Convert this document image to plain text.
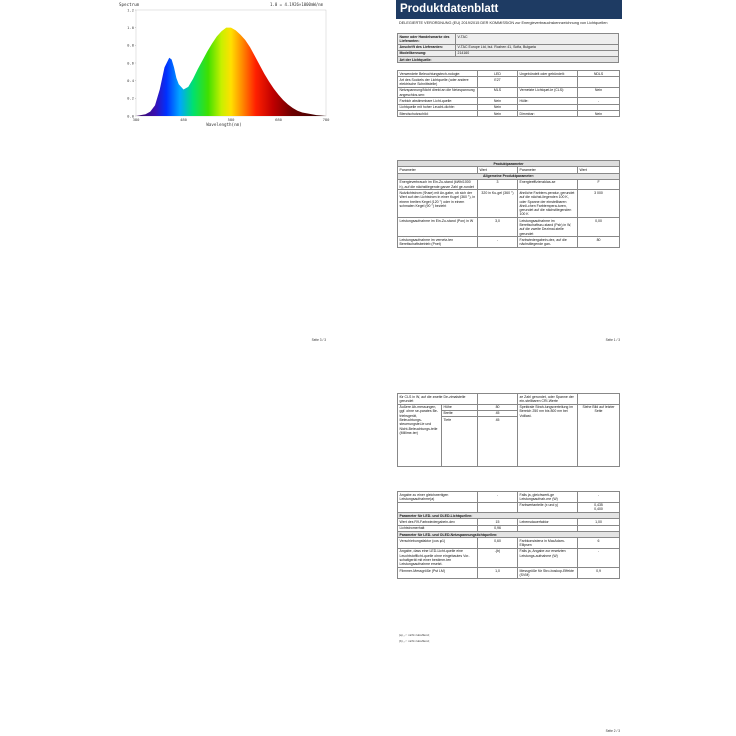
Spectrum	1.0 = 4.1926×1000mW/nm
380	480	580	680	780
0.0
0.2
0.4
0.6
0.8
1.0
1.2
Wavelength(nm)
Seite 3 / 3
Produktdatenblatt
DELEGIERTE VERORDNUNG (EU) 2019/2015 DER KOMMISSION zur Energieverbrauchskennzeichnung von Lichtquellen
Name oder Handelsmarke des Lieferanten:	V-TAC
Anschrift des Lieferanten:	V-TAC Europe Ltd, bul. Rozhen 41, Sofia, Bulgaria
Modellkennung:	214160
Art der Lichtquelle:	
Verwendete Beleuchtungstech-nologie:	LED	Ungebündelt oder gebündelt:	NDLS
Art des Sockels der Lichtquelle (oder andere elektrische Schnittstelle)	E27		
Netzspannung/Nicht direkt an die Netzspannung angeschlos-sen:	MLS	Vernetzte Lichtquel-le (CLS):	Nein
Farbich abstimmbare Licht-quelle:	Nein	Hülle:	-
Lichtquelle mit hoher Leucht-dichte:	Nein		
Blendschutzschild:	Nein	Dimmbar:	Nein
Produktparameter			
Parameter	Wert	Parameter	Wert
Allgemeine Produktparameter:			
Energieverbrauch im Ein-Zu-stand (kWh/1000 h), auf die nächstliegende ganze Zahl ge-rundet	3	Energieeffizienzklas-se	F
Nutzlichtstrom (Φuse) mit An-gabe, ob sich der Wert auf den Lichtstrom in einer Kugel (360 °), in einem breiten Kegel (120 °) oder in einem schmalen Kegel (90 °) bezieht	320 in Ku-gel (360 °)	ähnliche Farbtem-peratur, gerundet auf die nächst-liegenden 100 K, oder Spanne der einstellbaren ähnli-chen Farbtempera-turen, gerundet auf die nächstliegenden 100 K	3 000
Leistungsaufnahme im Ein-Zu-stand (Pon) in W	3,0	Leistungsaufnahme im Bereitschaftszu-stand (Psb) in W, auf die zweite Dezimal-stelle gerundet	0,00
Leistungsaufnahme im vernetz-ten Bereitschaftsbetrieb (Pnet)	-	Farbwiedergabein-dex, auf die nächstliegende gan-	80
Seite 1 / 3
für CLS in W, auf die zweite De-zimalstelle gerundet			ze Zahl gerundet, oder Spanne der ein-stellbaren CRI-Werte	
Äußere Ab-messungen, ggf. ohne se-parates Be-triebsgerät, Beleuchtungs-steuerungstei-le und Nicht-Beleuchtungs-teile (Millime-ter)	Höhe	80	Spektrale Strah-lungsverteilung im Bereich 250 nm bis 800 nm bei Volllast.	Siehe Bild auf letzter Seite
	Breite	45		
	Tiefe	45		
Angabe zu einer gleichwertigen Leistungsaufnahme(a)	-	Falls ja, gleichwerti-ge Leistungsaufnah-me (W)	-
		Farbwertanteile (x und y)	0,435
0,400
Parameter für LED- und OLED-Lichtquellen:			
Wert des R9-Farbwiedergabein-dex	15	Lebensdauerfaktor	1,00
Lichtstromerhalt	0,96		
Parameter für LED- und OLED-Netzspannungslichtquellen:			
Verschiebungsfaktor (cos φ1)	0,60	Farbkonsistenz in MacAdam-Ellipsen	6
Angabe, dass eine LED-Licht-quelle eine Leuchtstofflicht-quelle ohne eingebautes Vor-schaltgerät mit einer bestimm-ten Leistungsaufnahme ersetzt.	-(b)	Falls ja, Angabe zur ersetzten Leistungs-aufnahme (W)	-
Flimmer-Messgröße (Pst LM)	1,0	Messgröße für Stro-boskop-Effekte (SVM)	0,9
(a) „-“: nicht zutreffend;
(b) „-“: nicht zutreffend;
Seite 2 / 3
